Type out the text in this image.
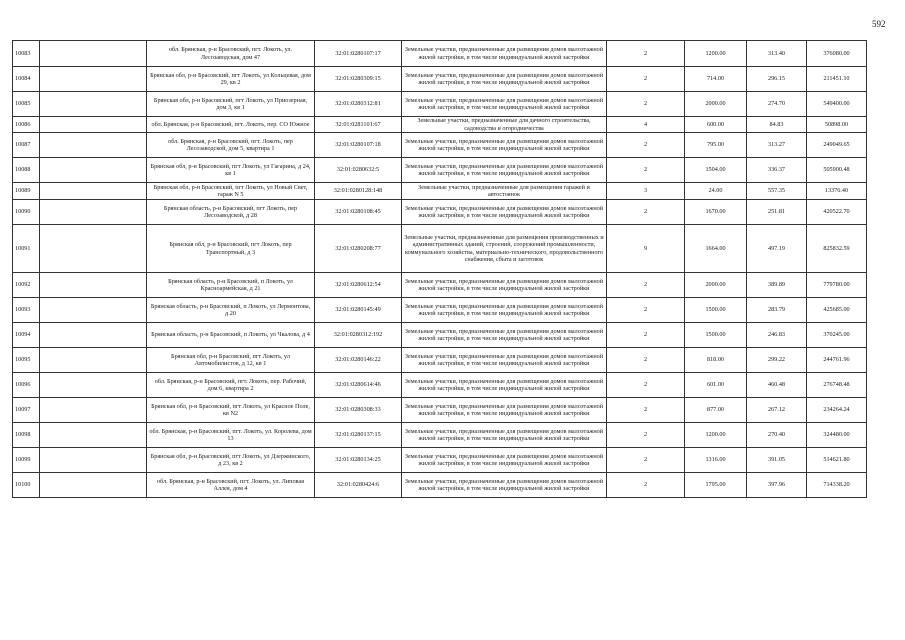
592
10083		обл. Брянская, р-н Брасовский, пгт. Локоть, ул. Лесозаводская, дом 47	32:01:0280107:17	Земельные участки, предназначенные для размещения домов малоэтажной жилой застройки, в том числе индивидуальной жилой застройки	2	1200.00	313.40	376080.00
10084		Брянская обл, р-н Брасовский, пгт Локоть, ул Кольцевая, дом 29, кв 2	32:01:0280309:15	Земельные участки, предназначенные для размещения домов малоэтажной жилой застройки, в том числе индивидуальной жилой застройки	2	714.00	296.15	211451.10
10085		Брянская обл, р-н Брасовский, пгт Локоть, ул Приозерная, дом 3, кв 1	32:01:0280312:81	Земельные участки, предназначенные для размещения домов малоэтажной жилой застройки, в том числе индивидуальной жилой застройки	2	2000.00	274.70	549400.00
10086		обл. Брянская, р-н Брасовский, пгт. Локоть, пер. СО Южное	32:01:0281101:67	Земельные участки, предназначенные для дачного строительства, садоводства и огородничества	4	600.00	84.83	50898.00
10087		обл. Брянская, р-н Брасовский, пгт. Локоть, пер Лесозаводской, дом 5, квартира 1	32:01:0280107:18	Земельные участки, предназначенные для размещения домов малоэтажной жилой застройки, в том числе индивидуальной жилой застройки	2	795.00	313.27	249049.65
10088		Брянская обл, р-н Брасовский, пгт Локоть, ул Гагарина, д 24, кв 1	32:01:0280632:5	Земельные участки, предназначенные для размещения домов малоэтажной жилой застройки, в том числе индивидуальной жилой застройки	2	1504.00	336.37	505900.48
10089		Брянская обл, р-н Брасовский, пгт Локоть, ул Новый Свет, гараж N 5	32:01:0280128:148	Земельные участки, предназначенные для размещения гаражей и автостоянок	3	24.00	557.35	13376.40
10090		Брянская область, р-н Брасовский, пгт Локоть, пер Лесозаводской, д 28	32:01:0280108:45	Земельные участки, предназначенные для размещения домов малоэтажной жилой застройки, в том числе индивидуальной жилой застройки	2	1670.00	251.81	420522.70
10091		Брянская обл, р-н Брасовский, пгт Локоть, пер Транспортный, д 3	32:01:0280208:77	Земельные участки, предназначенные для размещения производственных и административных зданий, строений, сооружений промышленности, коммунального хозяйства, материально-технического, продовольственного снабжения, сбыта и заготовок	9	1664.00	497.19	825832.59
10092		Брянская область, р-н Брасовский, п Локоть, ул Красноармейская, д 21	32:01:0280612:54	Земельные участки, предназначенные для размещения домов малоэтажной жилой застройки, в том числе индивидуальной жилой застройки	2	2000.00	389.89	779780.00
10093		Брянская область, р-н Брасовский, п Локоть, ул Лермонтова, д 20	32:01:0280145:49	Земельные участки, предназначенные для размещения домов малоэтажной жилой застройки, в том числе индивидуальной жилой застройки	2	1500.00	283.79	425685.00
10094		Брянская область, р-н Брасовский, п Локоть, ул Чкалова, д 4	32:01:0280312:192	Земельные участки, предназначенные для размещения домов малоэтажной жилой застройки, в том числе индивидуальной жилой застройки	2	1500.00	246.83	370245.00
10095		Брянская обл, р-н Брасовский, пгт Локоть, ул Автомобилистов, д 12, кв 1	32:01:0280146:22	Земельные участки, предназначенные для размещения домов малоэтажной жилой застройки, в том числе индивидуальной жилой застройки	2	818.00	299.22	244761.96
10096		обл. Брянская, р-н Брасовский, пгт. Локоть, пер. Рабочий, дом 6, квартира 2	32:01:0280614:46	Земельные участки, предназначенные для размещения домов малоэтажной жилой застройки, в том числе индивидуальной жилой застройки	2	601.00	460.48	276748.48
10097		Брянская обл, р-н Брасовский, пгт Локоть, ул Красное Поле, кв N2	32:01:0280308:33	Земельные участки, предназначенные для размещения домов малоэтажной жилой застройки, в том числе индивидуальной жилой застройки	2	877.00	267.12	234264.24
10098		обл. Брянская, р-н Брасовский, пгт. Локоть, ул. Королева, дом 13	32:01:0280137:15	Земельные участки, предназначенные для размещения домов малоэтажной жилой застройки, в том числе индивидуальной жилой застройки	2	1200.00	270.40	324480.00
10099		Брянская обл, р-н Брасовский, пгт Локоть, ул Дзержинского, д 23, кв 2	32:01:0280134:25	Земельные участки, предназначенные для размещения домов малоэтажной жилой застройки, в том числе индивидуальной жилой застройки	2	1316.00	391.05	514621.80
10100		обл. Брянская, р-н Брасовский, пгт. Локоть, ул. Липовая Аллея, дом 4	32:01:0280424:6	Земельные участки, предназначенные для размещения домов малоэтажной жилой застройки, в том числе индивидуальной жилой застройки	2	1795.00	397.96	714338.20
